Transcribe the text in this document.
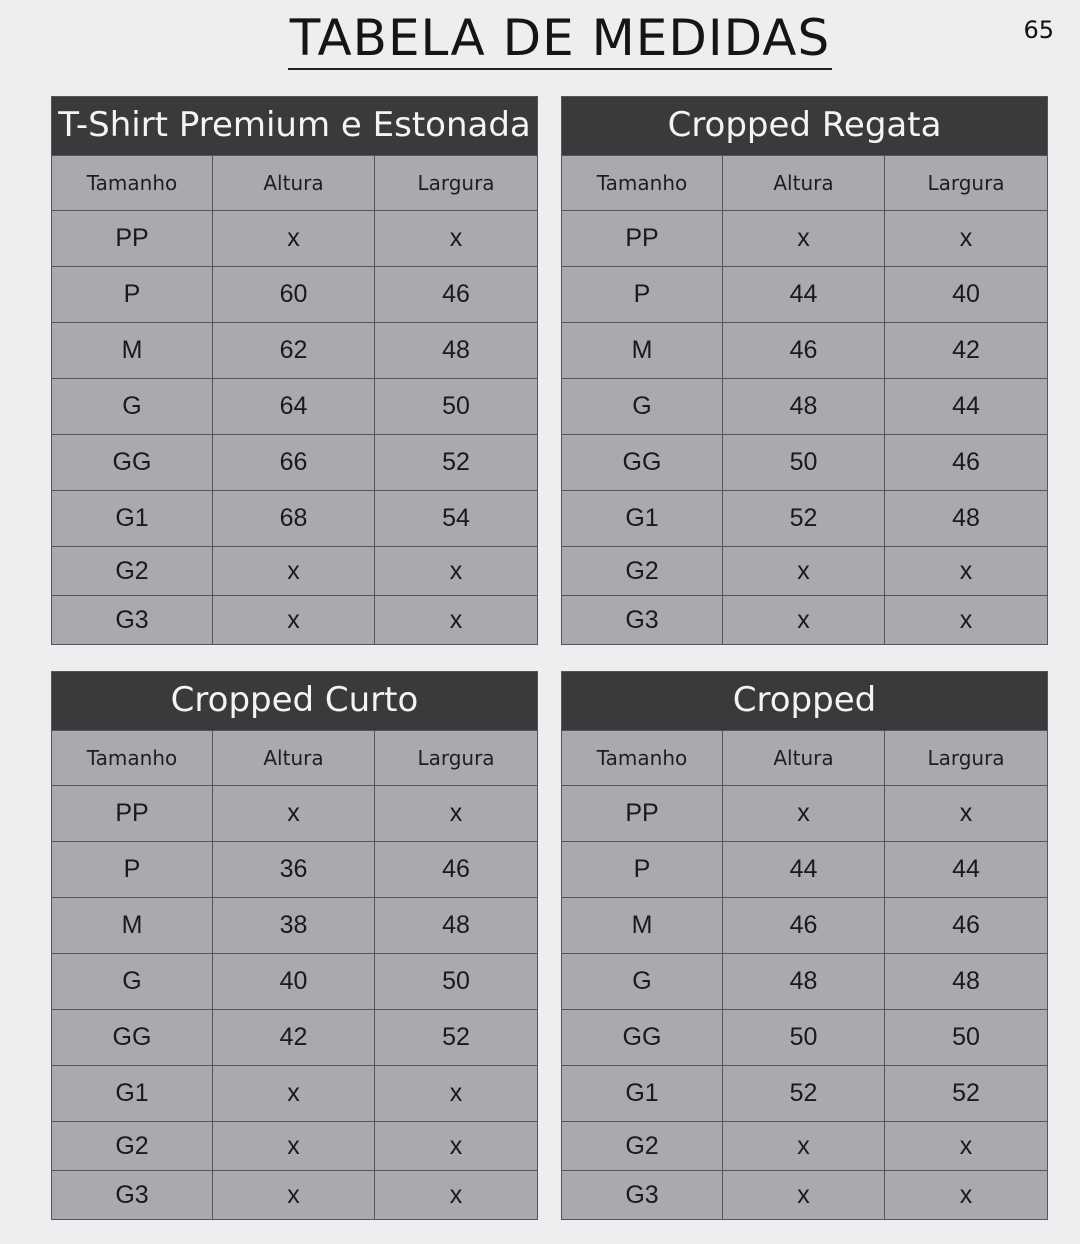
TABELA DE MEDIDAS	65
T-Shirt Premium e Estonada
Tamanho	Altura	Largura
PP	x	x
P	60	46
M	62	48
G	64	50
GG	66	52
G1	68	54
G2	x	x
G3	x	x
Cropped Regata
Tamanho	Altura	Largura
PP	x	x
P	44	40
M	46	42
G	48	44
GG	50	46
G1	52	48
G2	x	x
G3	x	x
Cropped Curto
Tamanho	Altura	Largura
PP	x	x
P	36	46
M	38	48
G	40	50
GG	42	52
G1	x	x
G2	x	x
G3	x	x
Cropped
Tamanho	Altura	Largura
PP	x	x
P	44	44
M	46	46
G	48	48
GG	50	50
G1	52	52
G2	x	x
G3	x	x
